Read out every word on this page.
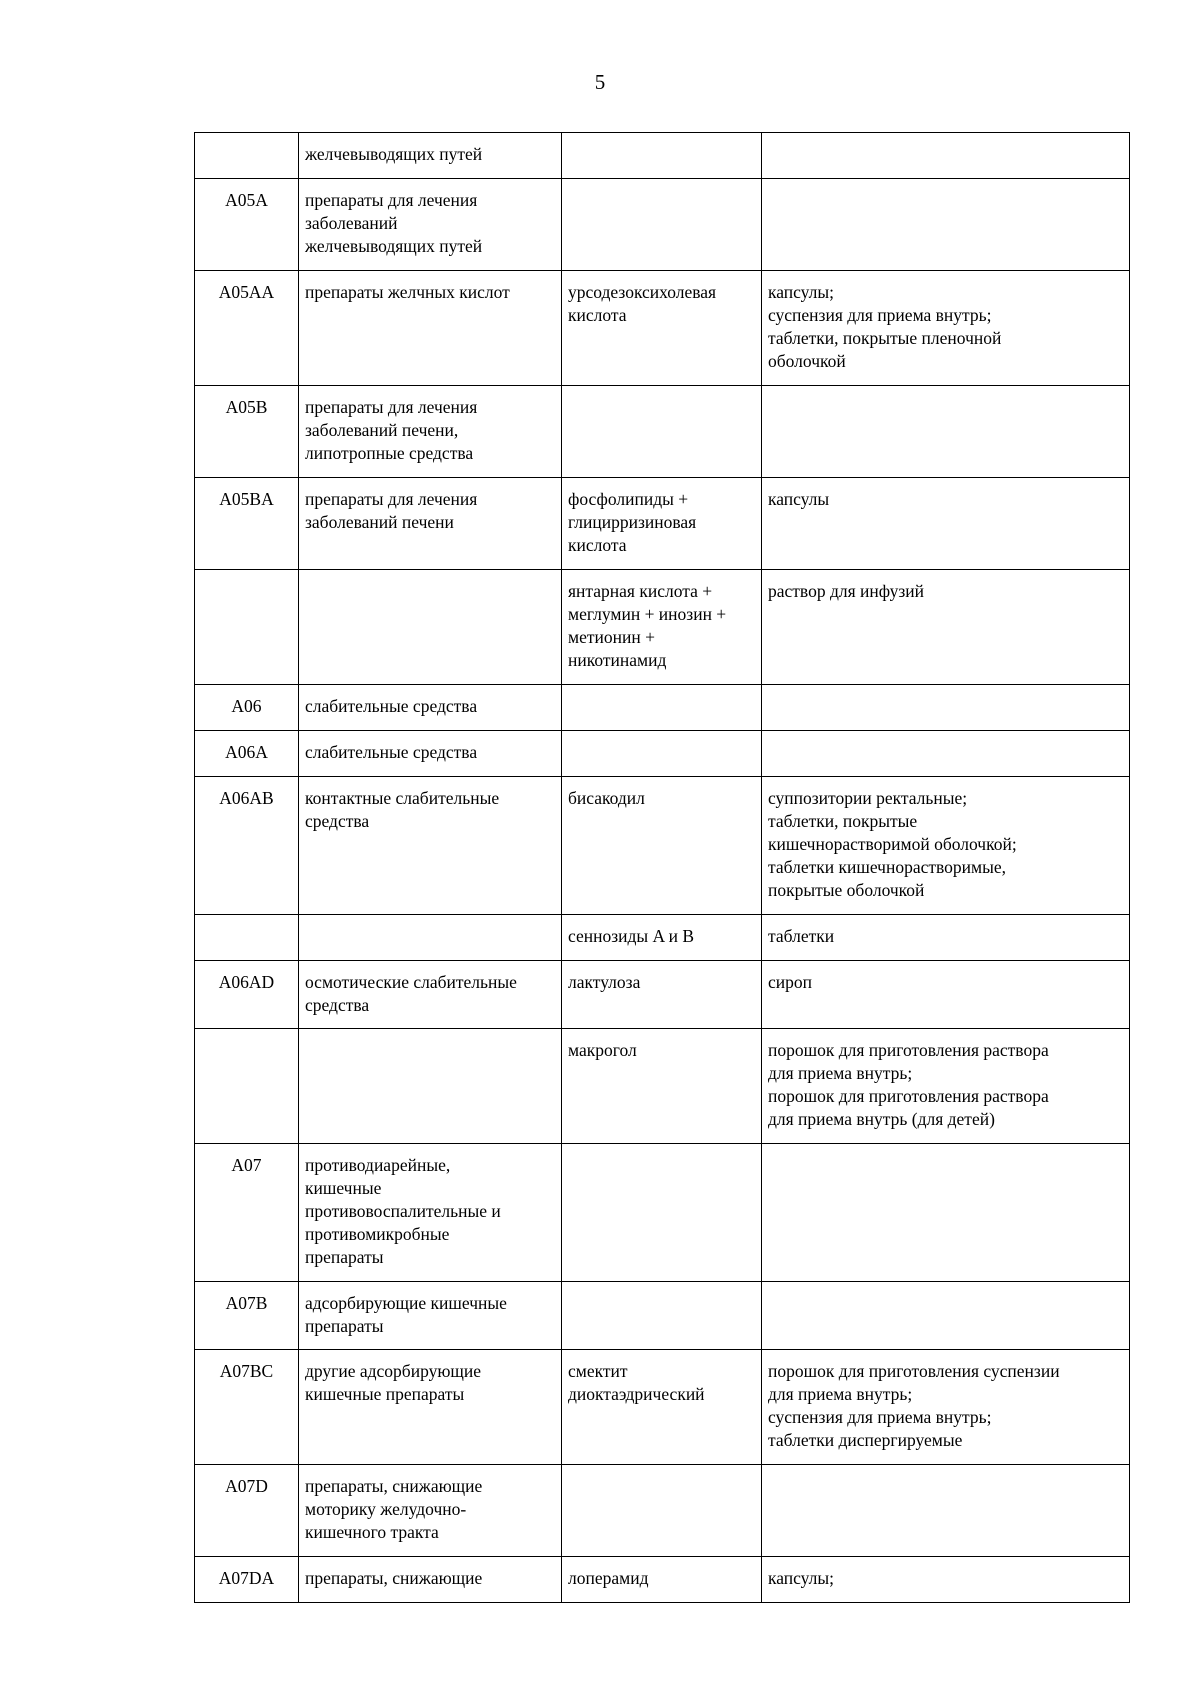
5

	желчевыводящих путей		

A05A	препараты для лечения
заболеваний
желчевыводящих путей		

A05AA	препараты желчных кислот	урсодезоксихолевая
кислота	капсулы;
суспензия для приема внутрь;
таблетки, покрытые пленочной
оболочкой

A05B	препараты для лечения
заболеваний печени,
липотропные средства		

A05BA	препараты для лечения
заболеваний печени	фосфолипиды +
глицирризиновая
кислота	капсулы

		янтарная кислота +
меглумин + инозин +
метионин +
никотинамид	раствор для инфузий

A06	слабительные средства		

A06A	слабительные средства		

A06AB	контактные слабительные
средства	бисакодил	суппозитории ректальные;
таблетки, покрытые
кишечнорастворимой оболочкой;
таблетки кишечнорастворимые,
покрытые оболочкой

		сеннозиды A и B	таблетки

A06AD	осмотические слабительные
средства	лактулоза	сироп

		макрогол	порошок для приготовления раствора
для приема внутрь;
порошок для приготовления раствора
для приема внутрь (для детей)

A07	противодиарейные,
кишечные
противовоспалительные и
противомикробные
препараты		

A07B	адсорбирующие кишечные
препараты		

A07BC	другие адсорбирующие
кишечные препараты	смектит
диоктаэдрический	порошок для приготовления суспензии
для приема внутрь;
суспензия для приема внутрь;
таблетки диспергируемые

A07D	препараты, снижающие
моторику желудочно-
кишечного тракта		

A07DA	препараты, снижающие	лоперамид	капсулы;
